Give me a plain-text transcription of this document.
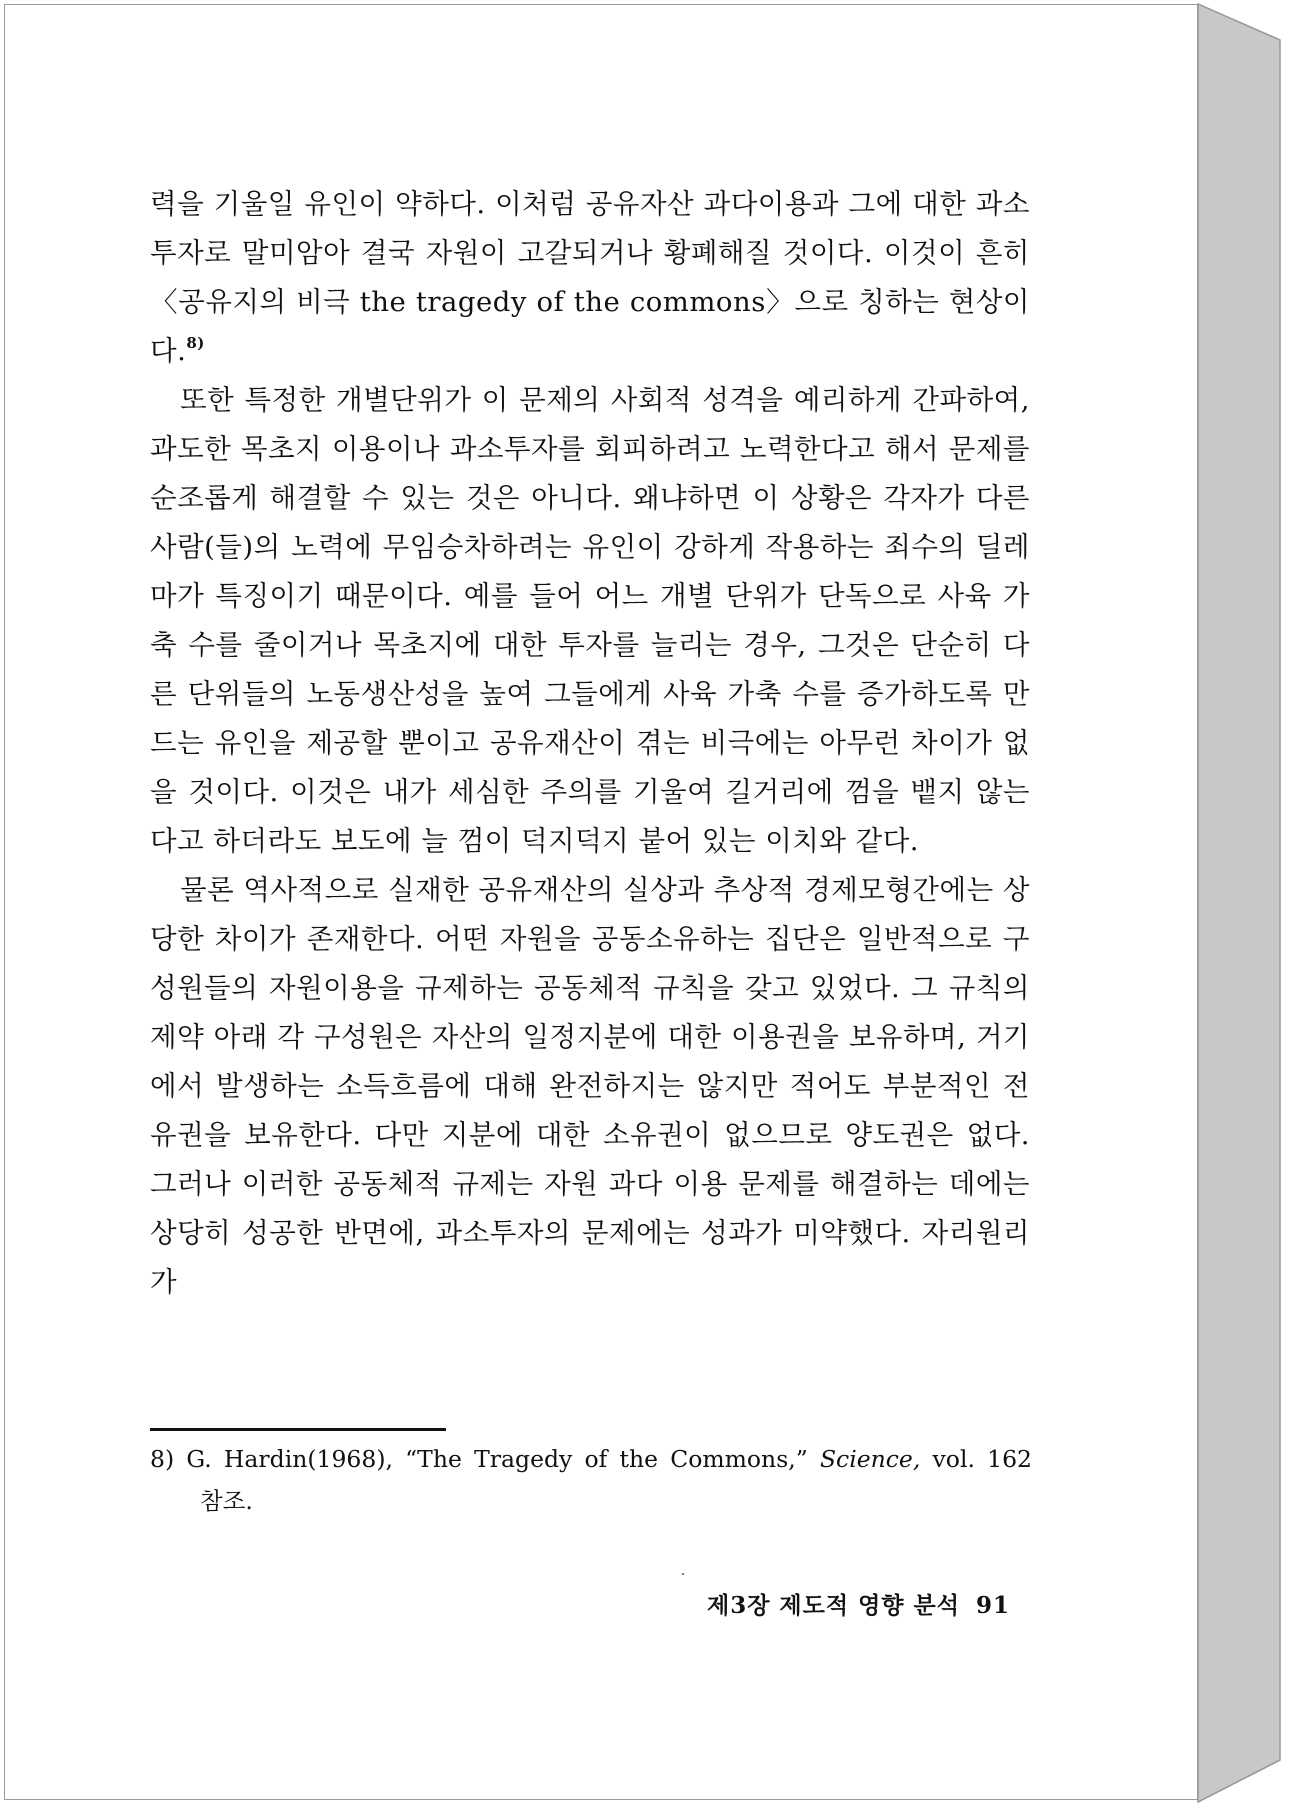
력을 기울일 유인이 약하다. 이처럼 공유자산 과다이용과 그에 대한 과소투자로 말미암아 결국 자원이 고갈되거나 황폐해질 것이다. 이것이 흔히 〈공유지의 비극 the tragedy of the commons〉으로 칭하는 현상이다.$^{8)}$

또한 특정한 개별단위가 이 문제의 사회적 성격을 예리하게 간파하여, 과도한 목초지 이용이나 과소투자를 회피하려고 노력한다고 해서 문제를 순조롭게 해결할 수 있는 것은 아니다. 왜냐하면 이 상황은 각자가 다른 사람(들)의 노력에 무임승차하려는 유인이 강하게 작용하는 죄수의 딜레마가 특징이기 때문이다. 예를 들어 어느 개별 단위가 단독으로 사육 가축 수를 줄이거나 목초지에 대한 투자를 늘리는 경우, 그것은 단순히 다른 단위들의 노동생산성을 높여 그들에게 사육 가축 수를 증가하도록 만드는 유인을 제공할 뿐이고 공유재산이 겪는 비극에는 아무런 차이가 없을 것이다. 이것은 내가 세심한 주의를 기울여 길거리에 껌을 뱉지 않는다고 하더라도 보도에 늘 껌이 덕지덕지 붙어 있는 이치와 같다.

물론 역사적으로 실재한 공유재산의 실상과 추상적 경제모형간에는 상당한 차이가 존재한다. 어떤 자원을 공동소유하는 집단은 일반적으로 구성원들의 자원이용을 규제하는 공동체적 규칙을 갖고 있었다. 그 규칙의 제약 아래 각 구성원은 자산의 일정지분에 대한 이용권을 보유하며, 거기에서 발생하는 소득흐름에 대해 완전하지는 않지만 적어도 부분적인 전유권을 보유한다. 다만 지분에 대한 소유권이 없으므로 양도권은 없다. 그러나 이러한 공동체적 규제는 자원 과다 이용 문제를 해결하는 데에는 상당히 성공한 반면에, 과소투자의 문제에는 성과가 미약했다. 자리원리가

8) G. Hardin(1968), “The Tragedy of the Commons,” Science, vol. 162
참조.
제3장 제도적 영향 분석 91
